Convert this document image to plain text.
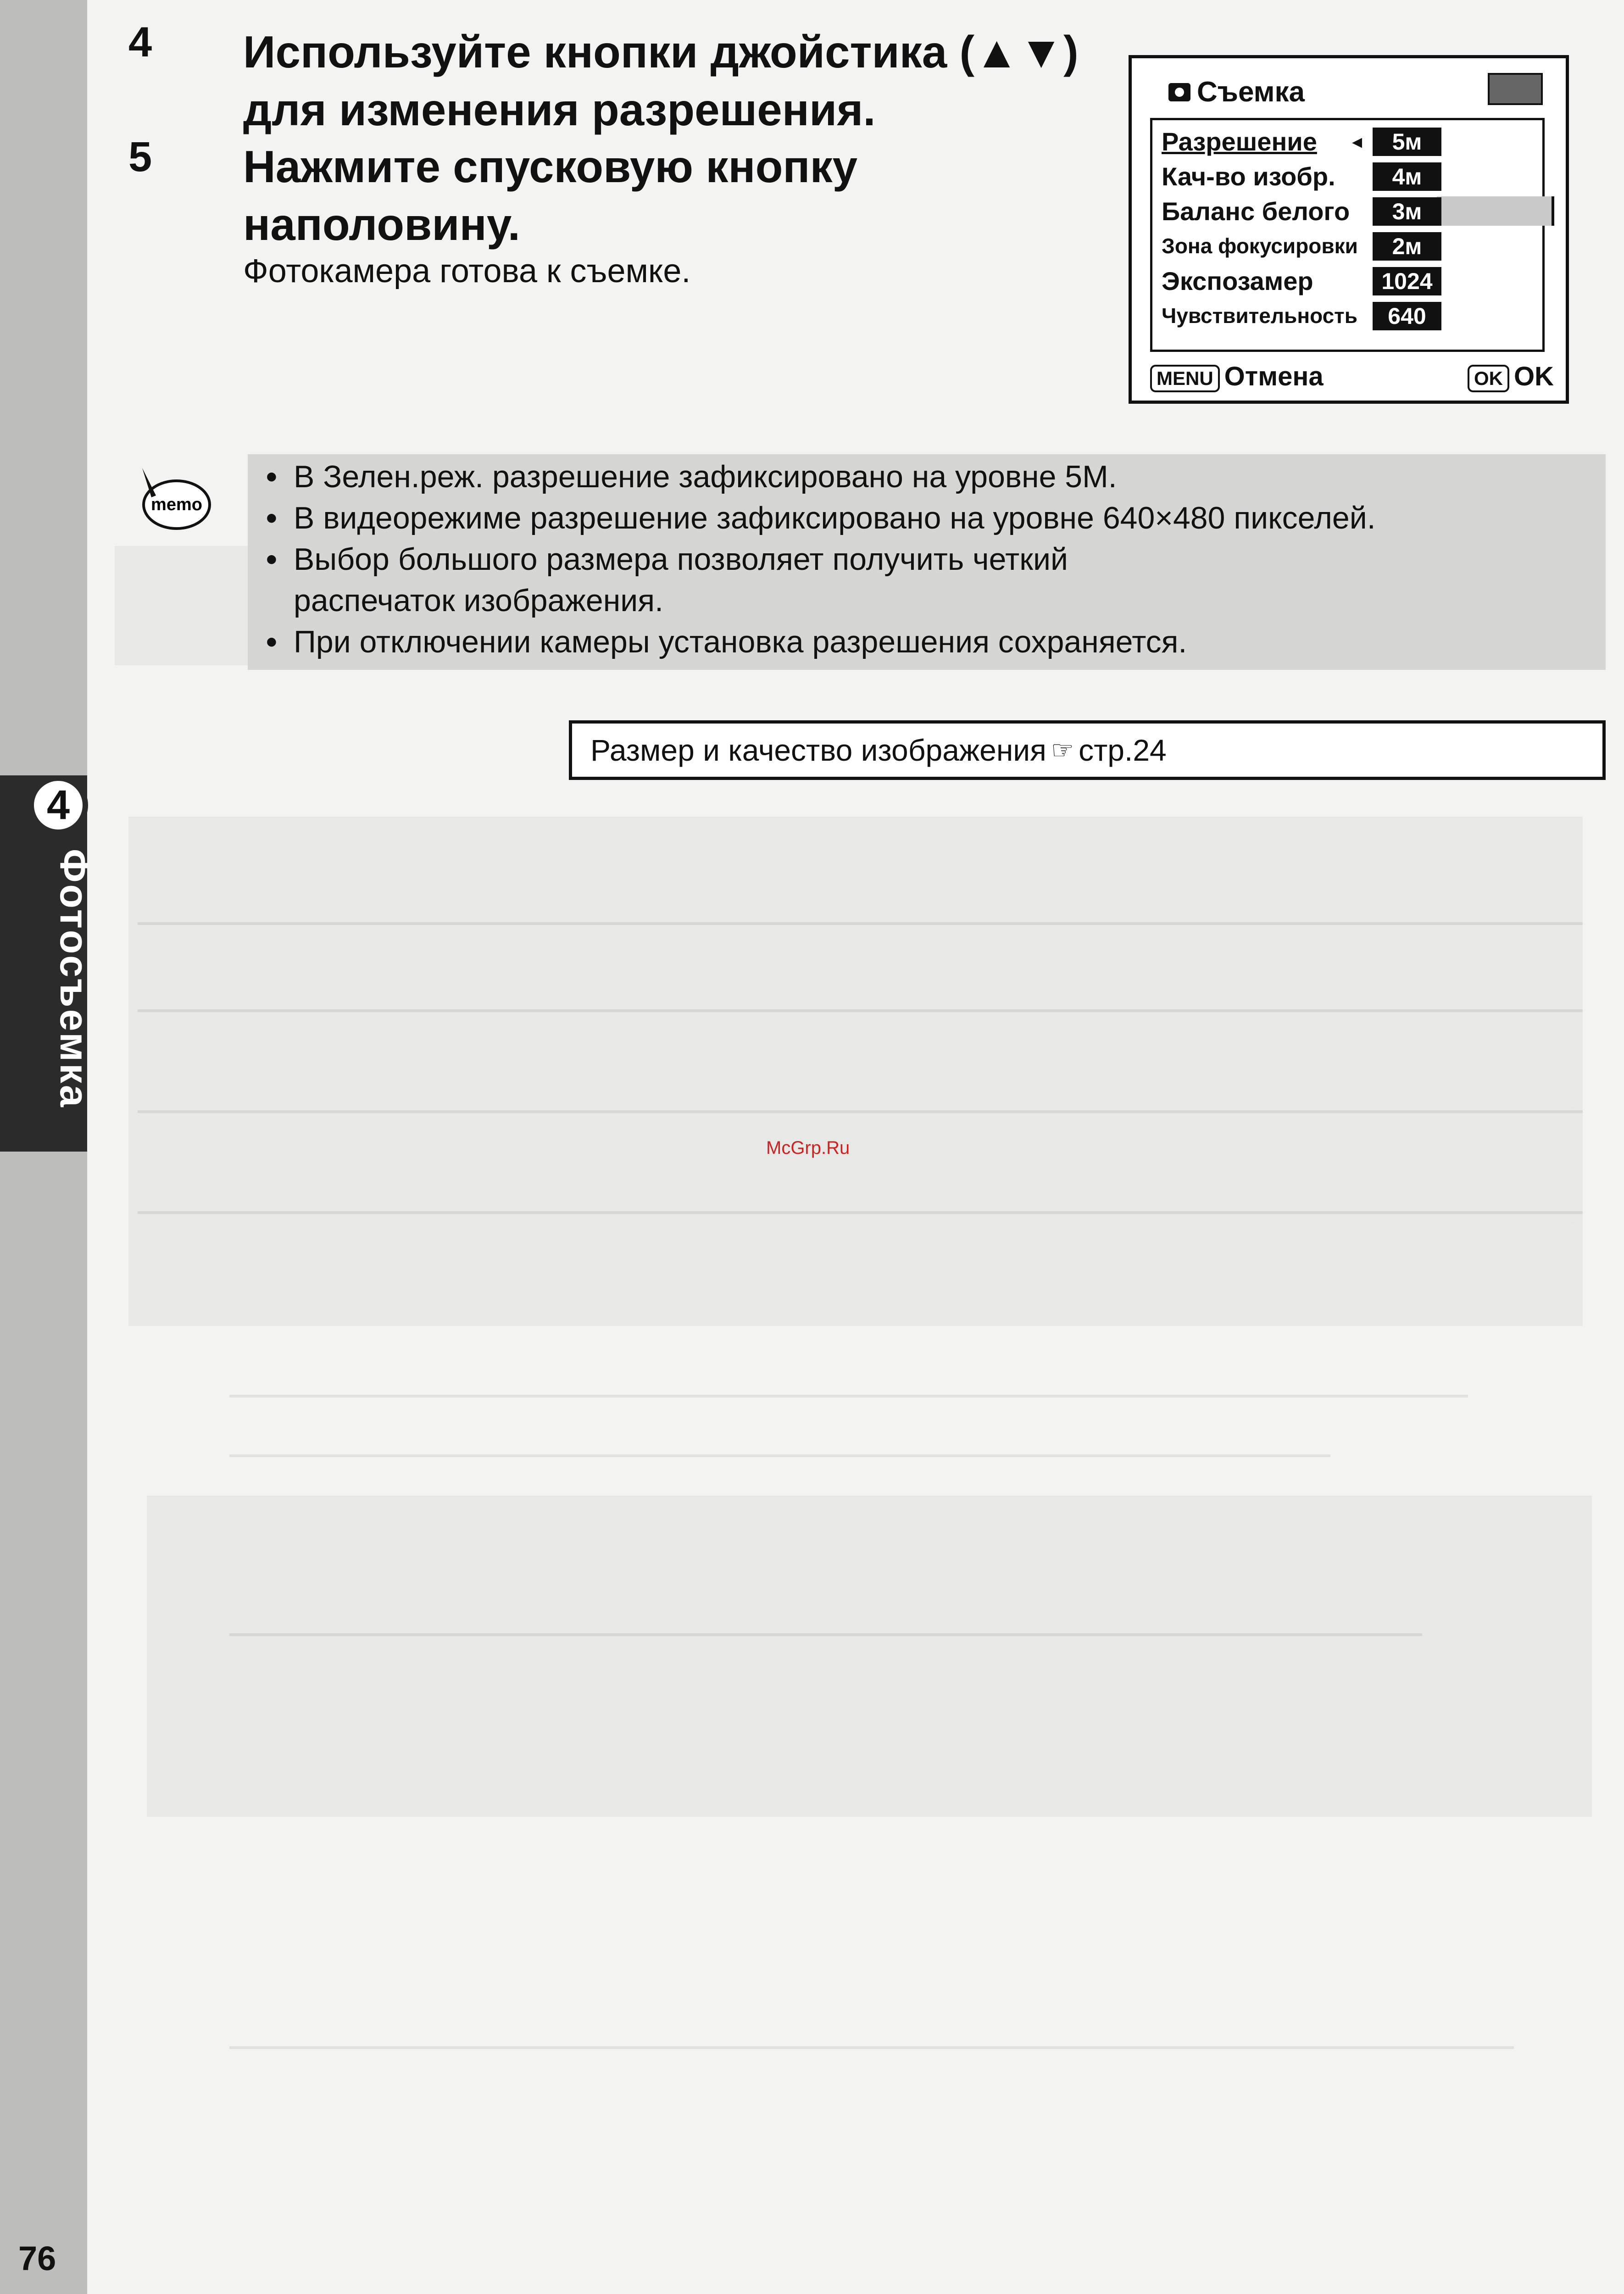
4
Фотосъемка
76
4 Используйте кнопки джойстика (▲▼) для изменения разрешения.
5 Нажмите спусковую кнопку наполовину.
Фотокамера готова к съемке.
Съемка
Разрешение	◂	5м
Кач-во изобр.	4м
Баланс белого	3м
Зона фокусировки	2м
Экспозамер	1024
Чувствительность	640
MENU Отмена	OK OK
memo
• В Зелен.реж. разрешение зафиксировано на уровне 5М.
• В видеорежиме разрешение зафиксировано на уровне 640×480 пикселей.
• Выбор большого размера позволяет получить четкий распечаток изображения.
• При отключении камеры установка разрешения сохраняется.
Размер и качество изображения ☞ стр.24
McGrp.Ru
